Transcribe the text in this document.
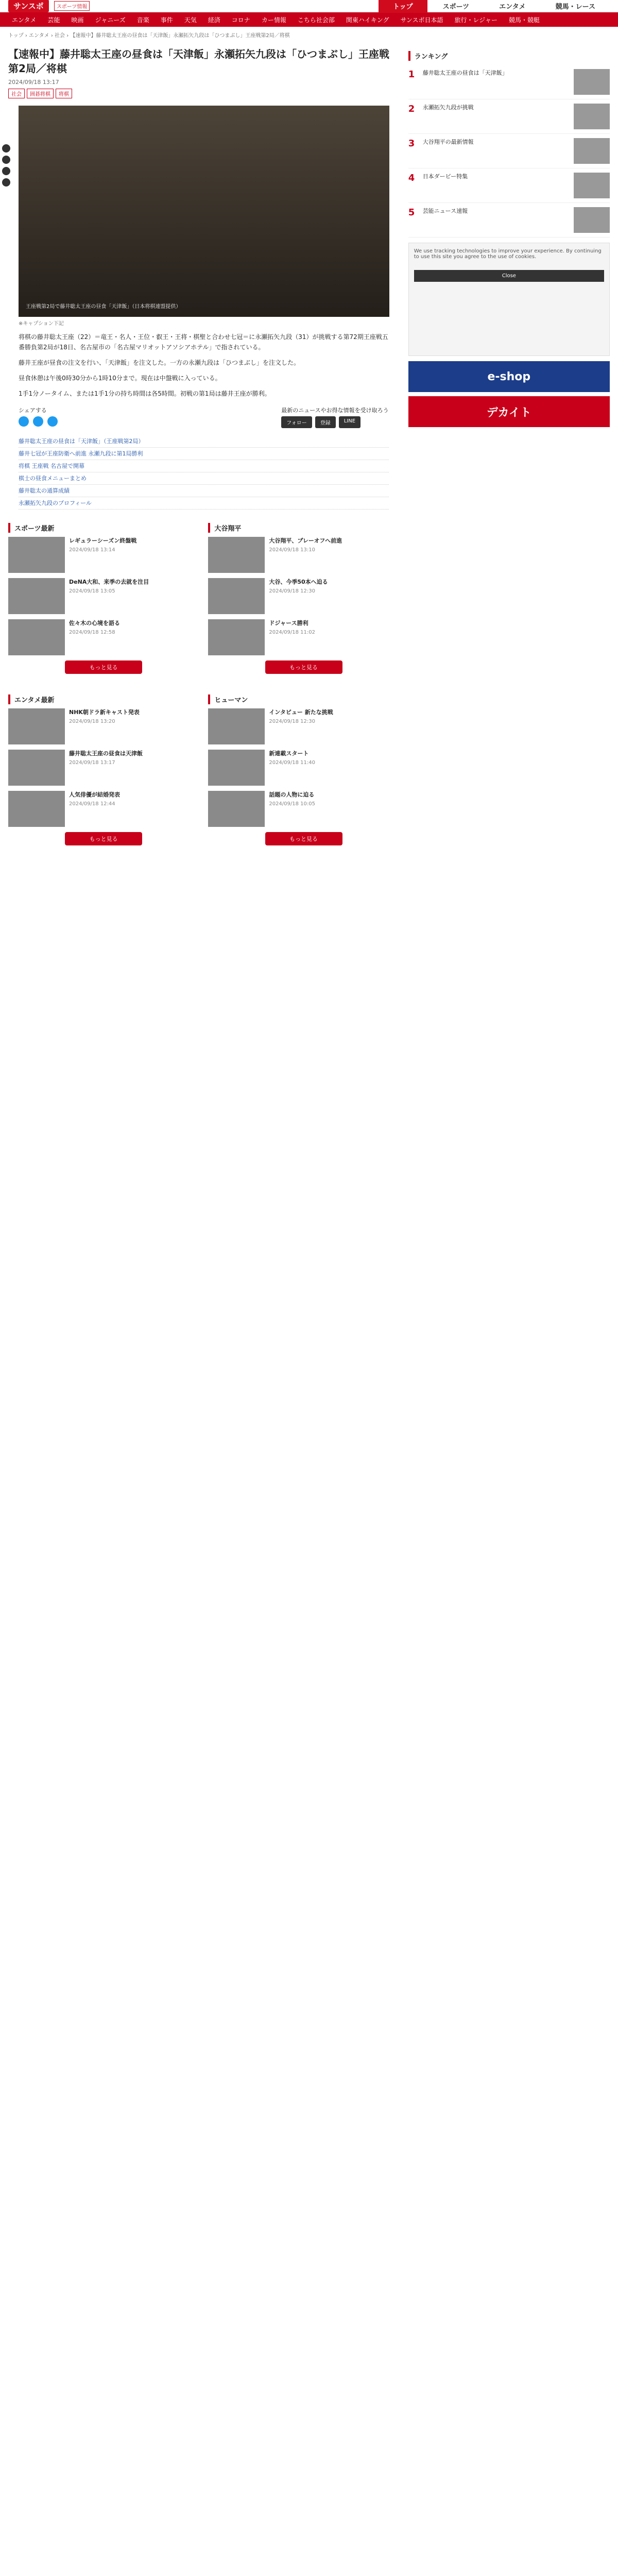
サンスポ	スポーツ情報	トップ	スポーツ	エンタメ	競馬・レース
エンタメ	芸能	映画	ジャニーズ	音楽	事件	天気	経済	コロナ	カー情報	こちら社会部	関東ハイキング	サンスポ日本語	旅行・レジャー	競馬・競艇
トップ › エンタメ › 社会 › 【速報中】藤井聡太王座の昼食は「天津飯」永瀬拓矢九段は「ひつまぶし」王座戦第2局／将棋
【速報中】藤井聡太王座の昼食は「天津飯」永瀬拓矢九段は「ひつまぶし」王座戦第2局／将棋
2024/09/18 13:17
社会	囲碁将棋	将棋
王座戦第2局で藤井聡太王座の昼食「天津飯」（日本将棋連盟提供）
※キャプション下記

将棋の藤井聡太王座（22）＝竜王・名人・王位・叡王・王将・棋聖と合わせ七冠＝に永瀬拓矢九段（31）が挑戦する第72期王座戦五番勝負第2局が18日、名古屋市の「名古屋マリオットアソシアホテル」で指されている。

藤井王座が昼食の注文を行い、「天津飯」を注文した。一方の永瀬九段は「ひつまぶし」を注文した。

昼食休憩は午後0時30分から1時10分まで。現在は中盤戦に入っている。

1手1分ノータイム、または1手1分の持ち時間は各5時間。初戦の第1局は藤井王座が勝利。

シェアする
	最新のニュースやお得な情報を受け取ろう
フォロー	登録	LINE
藤井聡太王座の昼食は「天津飯」（王座戦第2局）
藤井七冠が王座防衛へ前進 永瀬九段に第1局勝利
将棋 王座戦 名古屋で開幕
棋士の昼食メニューまとめ
藤井聡太の通算成績
永瀬拓矢九段のプロフィール
スポーツ最新
レギュラーシーズン終盤戦
2024/09/18 13:14
DeNA大和、来季の去就を注目
2024/09/18 13:05
佐々木の心境を語る
2024/09/18 12:58
もっと見る
大谷翔平
大谷翔平、プレーオフへ前進
2024/09/18 13:10
大谷、今季50本へ迫る
2024/09/18 12:30
ドジャース勝利
2024/09/18 11:02
もっと見る
エンタメ最新
NHK朝ドラ新キャスト発表
2024/09/18 13:20
藤井聡太王座の昼食は天津飯
2024/09/18 13:17
人気俳優が結婚発表
2024/09/18 12:44
もっと見る
ヒューマン
インタビュー 新たな挑戦
2024/09/18 12:30
新連載スタート
2024/09/18 11:40
話題の人物に迫る
2024/09/18 10:05
もっと見る
ランキング
1	藤井聡太王座の昼食は「天津飯」
2	永瀬拓矢九段が挑戦
3	大谷翔平の最新情報
4	日本ダービー特集
5	芸能ニュース速報
We use tracking technologies to improve your experience. By continuing to use this site you agree to the use of cookies.
Close
e-shop
デカイト
